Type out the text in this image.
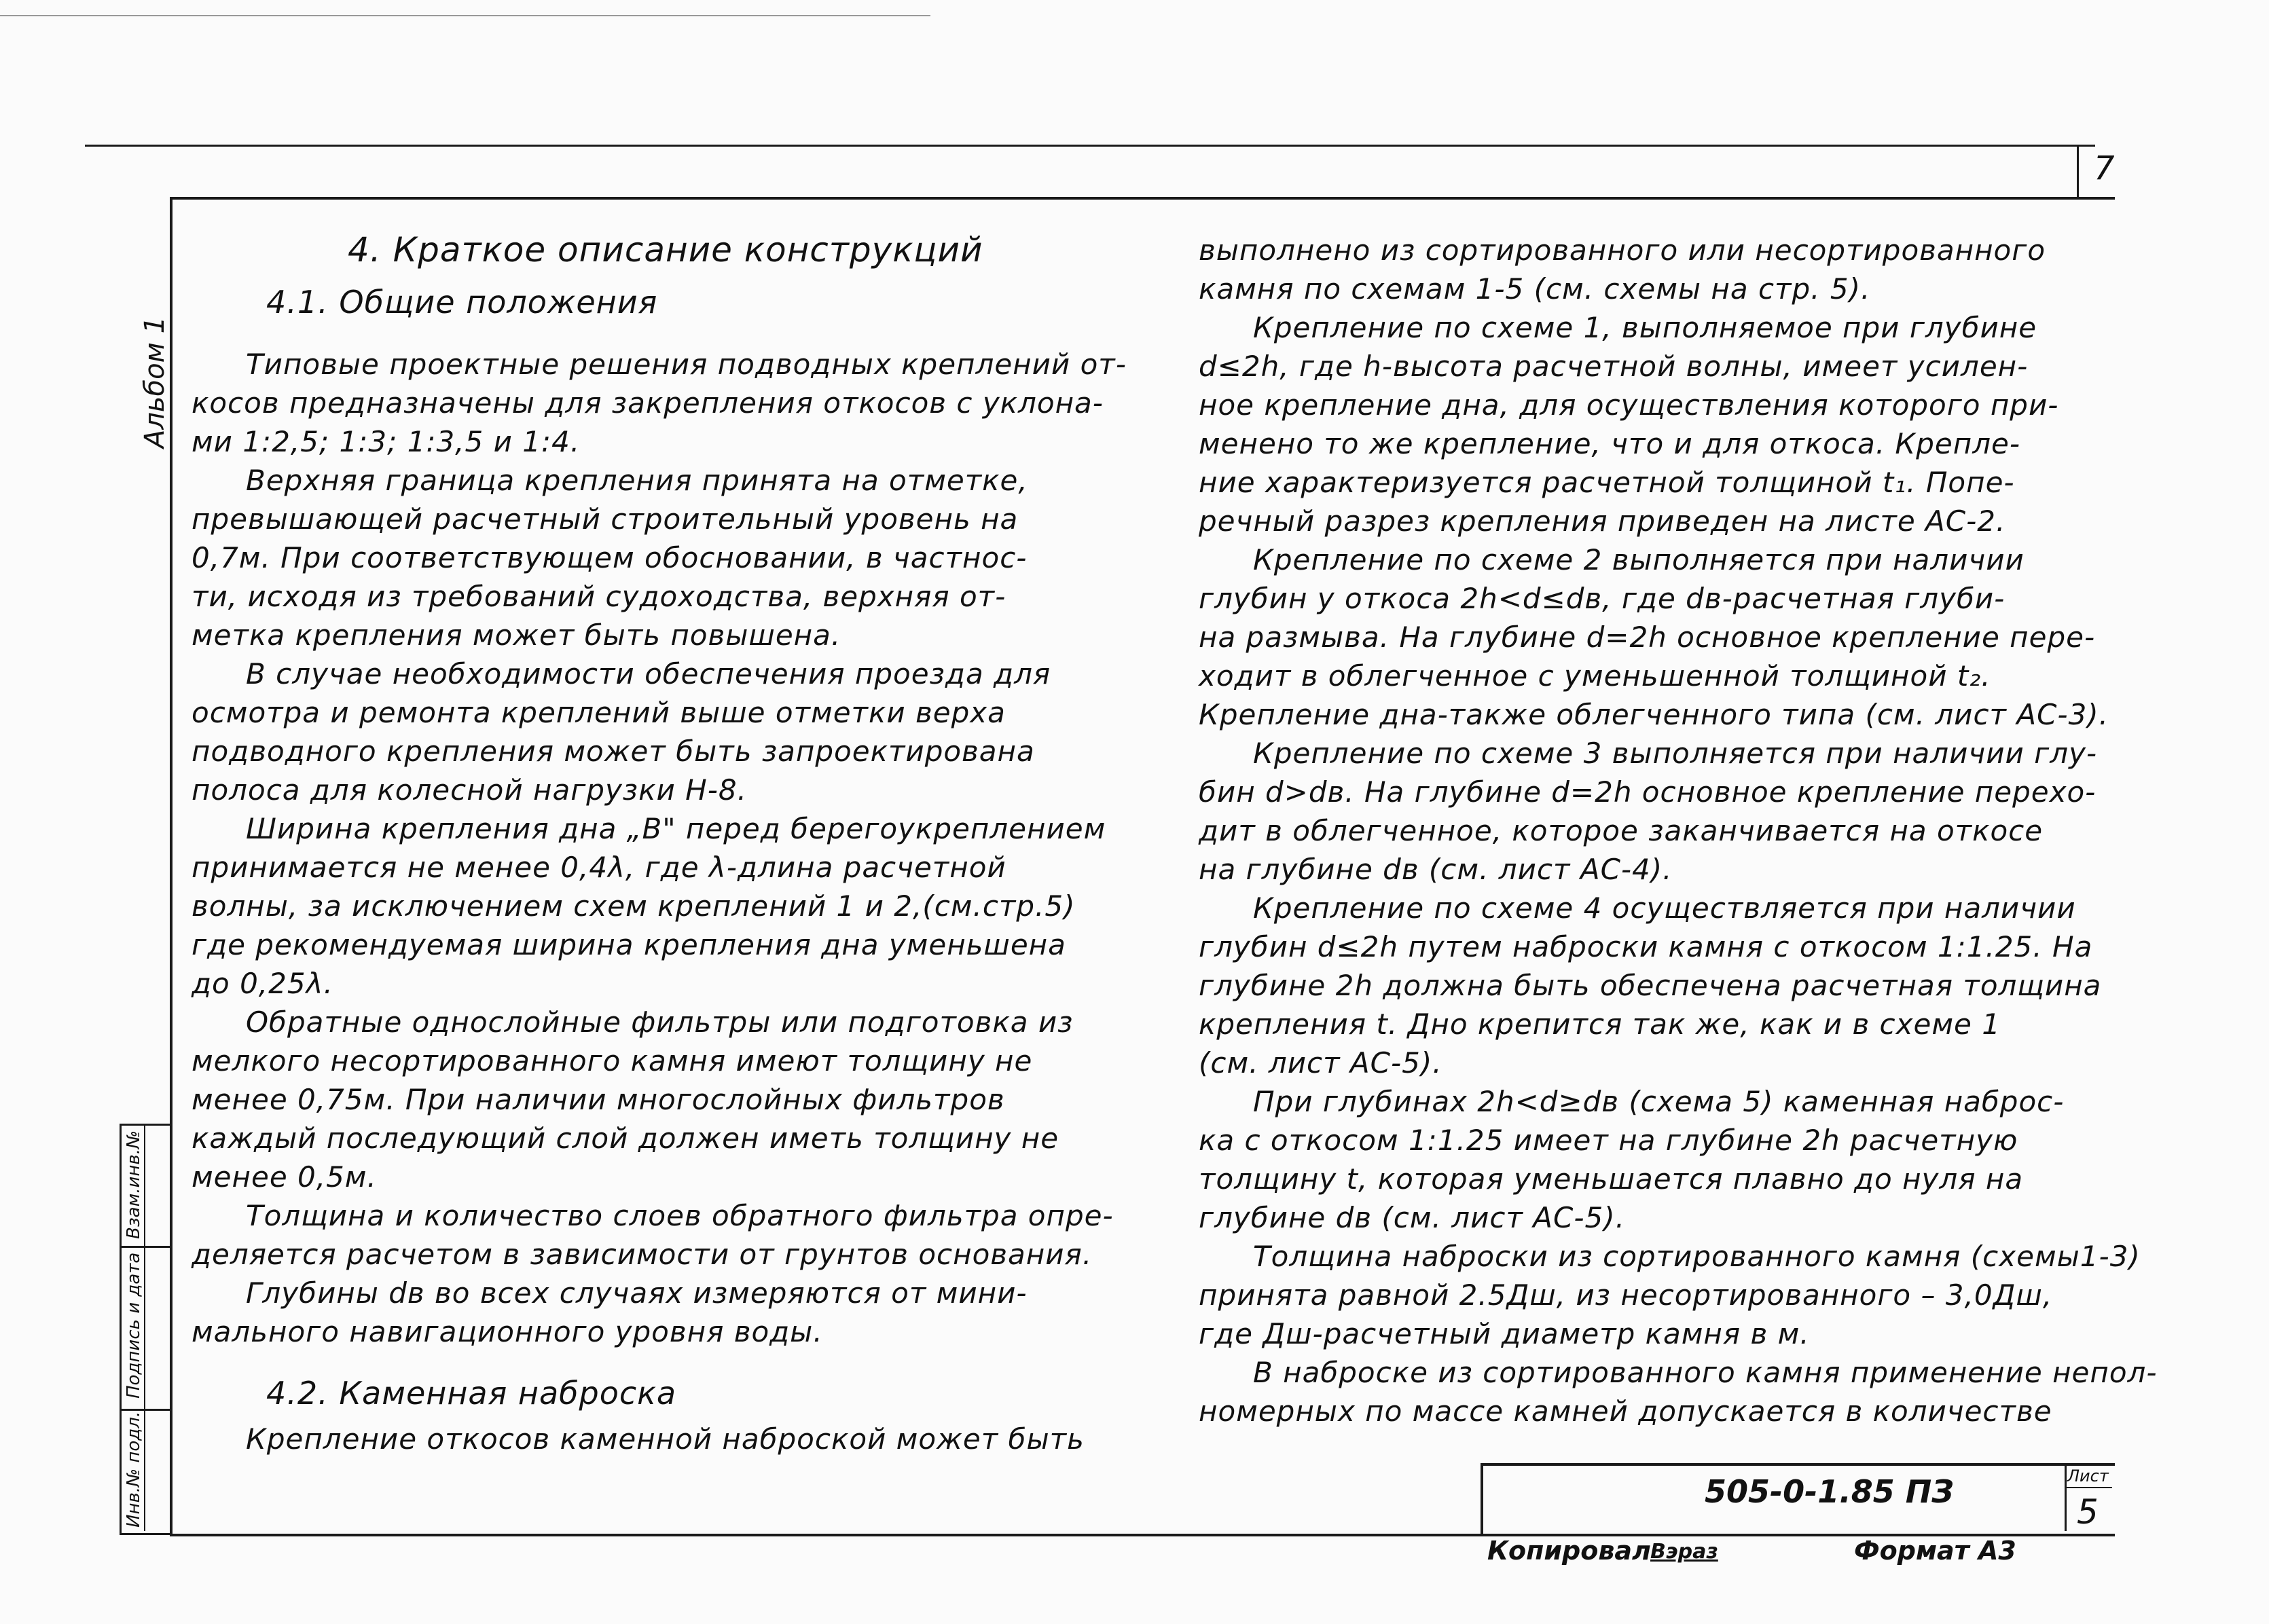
7
Альбом 1
Инв.№ подл.
Подпись и дата
Взам.инв.№

4. Краткое описание конструкций

4.1. Общие положения

Типовые проектные решения подводных креплений от-

косов предназначены для закрепления откосов с уклона-

ми 1:2,5; 1:3; 1:3,5 и 1:4.

Верхняя граница крепления принята на отметке,

превышающей расчетный строительный уровень на

0,7м. При соответствующем обосновании, в частнос-

ти, исходя из требований судоходства, верхняя от-

метка крепления может быть повышена.

В случае необходимости обеспечения проезда для

осмотра и ремонта креплений выше отметки верха

подводного крепления может быть запроектирована

полоса для колесной нагрузки Н-8.

Ширина крепления дна „В" перед берегоукреплением

принимается не менее 0,4λ, где λ-длина расчетной

волны, за исключением схем креплений 1 и 2,(см.стр.5)

где рекомендуемая ширина крепления дна уменьшена

до 0,25λ.

Обратные однослойные фильтры или подготовка из

мелкого несортированного камня имеют толщину не

менее 0,75м. При наличии многослойных фильтров

каждый последующий слой должен иметь толщину не

менее 0,5м.

Толщина и количество слоев обратного фильтра опре-

деляется расчетом в зависимости от грунтов основания.

Глубины dв во всех случаях измеряются от мини-

мального навигационного уровня воды.

4.2. Каменная наброска

Крепление откосов каменной наброской может быть

выполнено из сортированного или несортированного

камня по схемам 1-5 (см. схемы на стр. 5).

Крепление по схеме 1, выполняемое при глубине

d≤2h, где h-высота расчетной волны, имеет усилен-

ное крепление дна, для осуществления которого при-

менено то же крепление, что и для откоса. Крепле-

ние характеризуется расчетной толщиной t₁. Попе-

речный разрез крепления приведен на листе АС-2.

Крепление по схеме 2 выполняется при наличии

глубин у откоса 2h<d≤dв, где dв-расчетная глуби-

на размыва. На глубине d=2h основное крепление пере-

ходит в облегченное с уменьшенной толщиной t₂.

Крепление дна-также облегченного типа (см. лист АС-3).

Крепление по схеме 3 выполняется при наличии глу-

бин d>dв. На глубине d=2h основное крепление перехо-

дит в облегченное, которое заканчивается на откосе

на глубине dв (см. лист АС-4).

Крепление по схеме 4 осуществляется при наличии

глубин d≤2h путем наброски камня с откосом 1:1.25. На

глубине 2h должна быть обеспечена расчетная толщина

крепления t. Дно крепится так же, как и в схеме 1

(см. лист АС-5).

При глубинах 2h<d≥dв (схема 5) каменная наброс-

ка с откосом 1:1.25 имеет на глубине 2h расчетную

толщину t, которая уменьшается плавно до нуля на

глубине dв (см. лист АС-5).

Толщина наброски из сортированного камня (схемы1-3)

принята равной 2.5Дш, из несортированного – 3,0Дш,

где Дш-расчетный диаметр камня в м.

В наброске из сортированного камня применение непол-

номерных по массе камней допускается в количестве

505-0-1.85 ПЗ	Лист
5
Копировал Вэраз	Формат А3
